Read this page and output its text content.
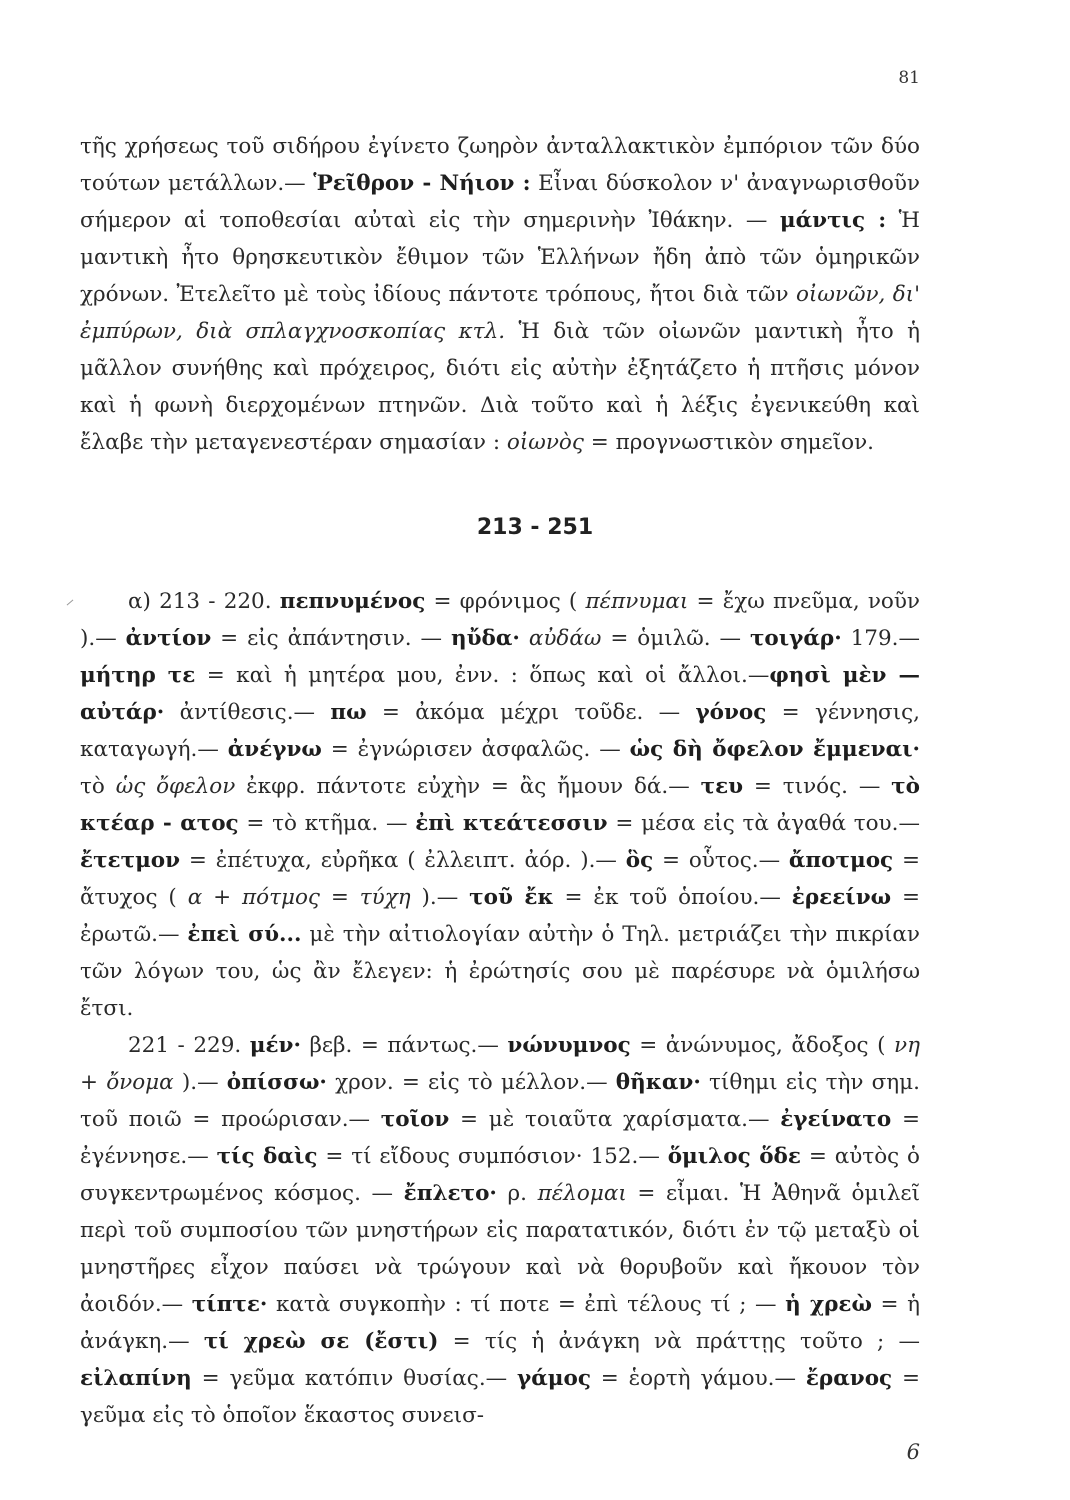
81

τῆς χρήσεως τοῦ σιδήρου ἐγίνετο ζωηρὸν ἀνταλλακτικὸν ἐμπόριον τῶν δύο τούτων μετάλλων.— Ῥεῖθρον - Νήιον : Εἶναι δύσκολον ν' ἀναγνωρισθοῦν σήμερον αἱ τοποθεσίαι αὐταὶ εἰς τὴν σημερινὴν Ἰθάκην. — μάντις : Ἡ μαντικὴ ἦτο θρησκευτικὸν ἔθιμον τῶν Ἑλλήνων ἤδη ἀπὸ τῶν ὁμηρικῶν χρόνων. Ἐτελεῖτο μὲ τοὺς ἰδίους πάντοτε τρόπους, ἤτοι διὰ τῶν οἰωνῶν, δι' ἐμπύρων, διὰ σπλαγχνοσκοπίας κτλ. Ἡ διὰ τῶν οἰωνῶν μαντικὴ ἦτο ἡ μᾶλλον συνήθης καὶ πρόχειρος, διότι εἰς αὐτὴν ἐξητάζετο ἡ πτῆσις μόνον καὶ ἡ φωνὴ διερχομένων πτηνῶν. Διὰ τοῦτο καὶ ἡ λέξις ἐγενικεύθη καὶ ἔλαβε τὴν μεταγενεστέραν σημασίαν : οἰωνὸς = προγνωστικὸν σημεῖον.

213 - 251

α) 213 - 220. πεπνυμένος = φρόνιμος ( πέπνυμαι = ἔχω πνεῦμα, νοῦν ).— ἀντίον = εἰς ἀπάντησιν. — ηὔδα· αὐδάω = ὁμιλῶ. — τοιγάρ· 179.—μήτηρ τε = καὶ ἡ μητέρα μου, ἐνν. : ὅπως καὶ οἱ ἄλλοι.—φησὶ μὲν — αὐτάρ· ἀντίθεσις.— πω = ἀκόμα μέχρι τοῦδε. — γόνος = γέννησις, καταγωγή.— ἀνέγνω = ἐγνώρισεν ἀσφαλῶς. — ὡς δὴ ὄφελον ἔμμεναι· τὸ ὡς ὄφελον ἐκφρ. πάντοτε εὐχὴν = ἂς ἤμουν δά.— τευ = τινός. — τὸ κτέαρ - ατος = τὸ κτῆμα. — ἐπὶ κτεάτεσσιν = μέσα εἰς τὰ ἀγαθά του.— ἔτετμον = ἐπέτυχα, εὐρῆκα ( ἐλλειπτ. ἀόρ. ).— ὃς = οὗτος.— ἄποτμος = ἄτυχος ( α + πότμος = τύχη ).— τοῦ ἔκ = ἐκ τοῦ ὁποίου.— ἐρεείνω = ἐρωτῶ.— ἐπεὶ σύ... μὲ τὴν αἰτιολογίαν αὐτὴν ὁ Τηλ. μετριάζει τὴν πικρίαν τῶν λόγων του, ὡς ἂν ἔλεγεν: ἡ ἐρώτησίς σου μὲ παρέσυρε νὰ ὁμιλήσω ἔτσι.

221 - 229. μέν· βεβ. = πάντως.— νώνυμνος = ἀνώνυμος, ἄδοξος ( νη + ὄνομα ).— ὀπίσσω· χρον. = εἰς τὸ μέλλον.— θῆκαν· τίθημι εἰς τὴν σημ. τοῦ ποιῶ = προώρισαν.— τοῖον = μὲ τοιαῦτα χαρίσματα.— ἐγείνατο = ἐγέννησε.— τίς δαὶς = τί εἴδους συμπόσιον· 152.— ὅμιλος ὅδε = αὐτὸς ὁ συγκεντρωμένος κόσμος. — ἔπλετο· ρ. πέλομαι = εἶμαι. Ἡ Ἀθηνᾶ ὁμιλεῖ περὶ τοῦ συμποσίου τῶν μνηστήρων εἰς παρατατικόν, διότι ἐν τῷ μεταξὺ οἱ μνηστῆρες εἶχον παύσει νὰ τρώγουν καὶ νὰ θορυβοῦν καὶ ἤκουον τὸν ἀοιδόν.— τίπτε· κατὰ συγκοπὴν : τί ποτε = ἐπὶ τέλους τί ; — ἡ χρεὼ = ἡ ἀνάγκη.— τί χρεὼ σε (ἔστι) = τίς ἡ ἀνάγκη νὰ πράττῃς τοῦτο ; — εἰλαπίνη = γεῦμα κατόπιν θυσίας.— γάμος = ἑορτὴ γάμου.— ἔρανος = γεῦμα εἰς τὸ ὁποῖον ἕκαστος συνεισ-

6
